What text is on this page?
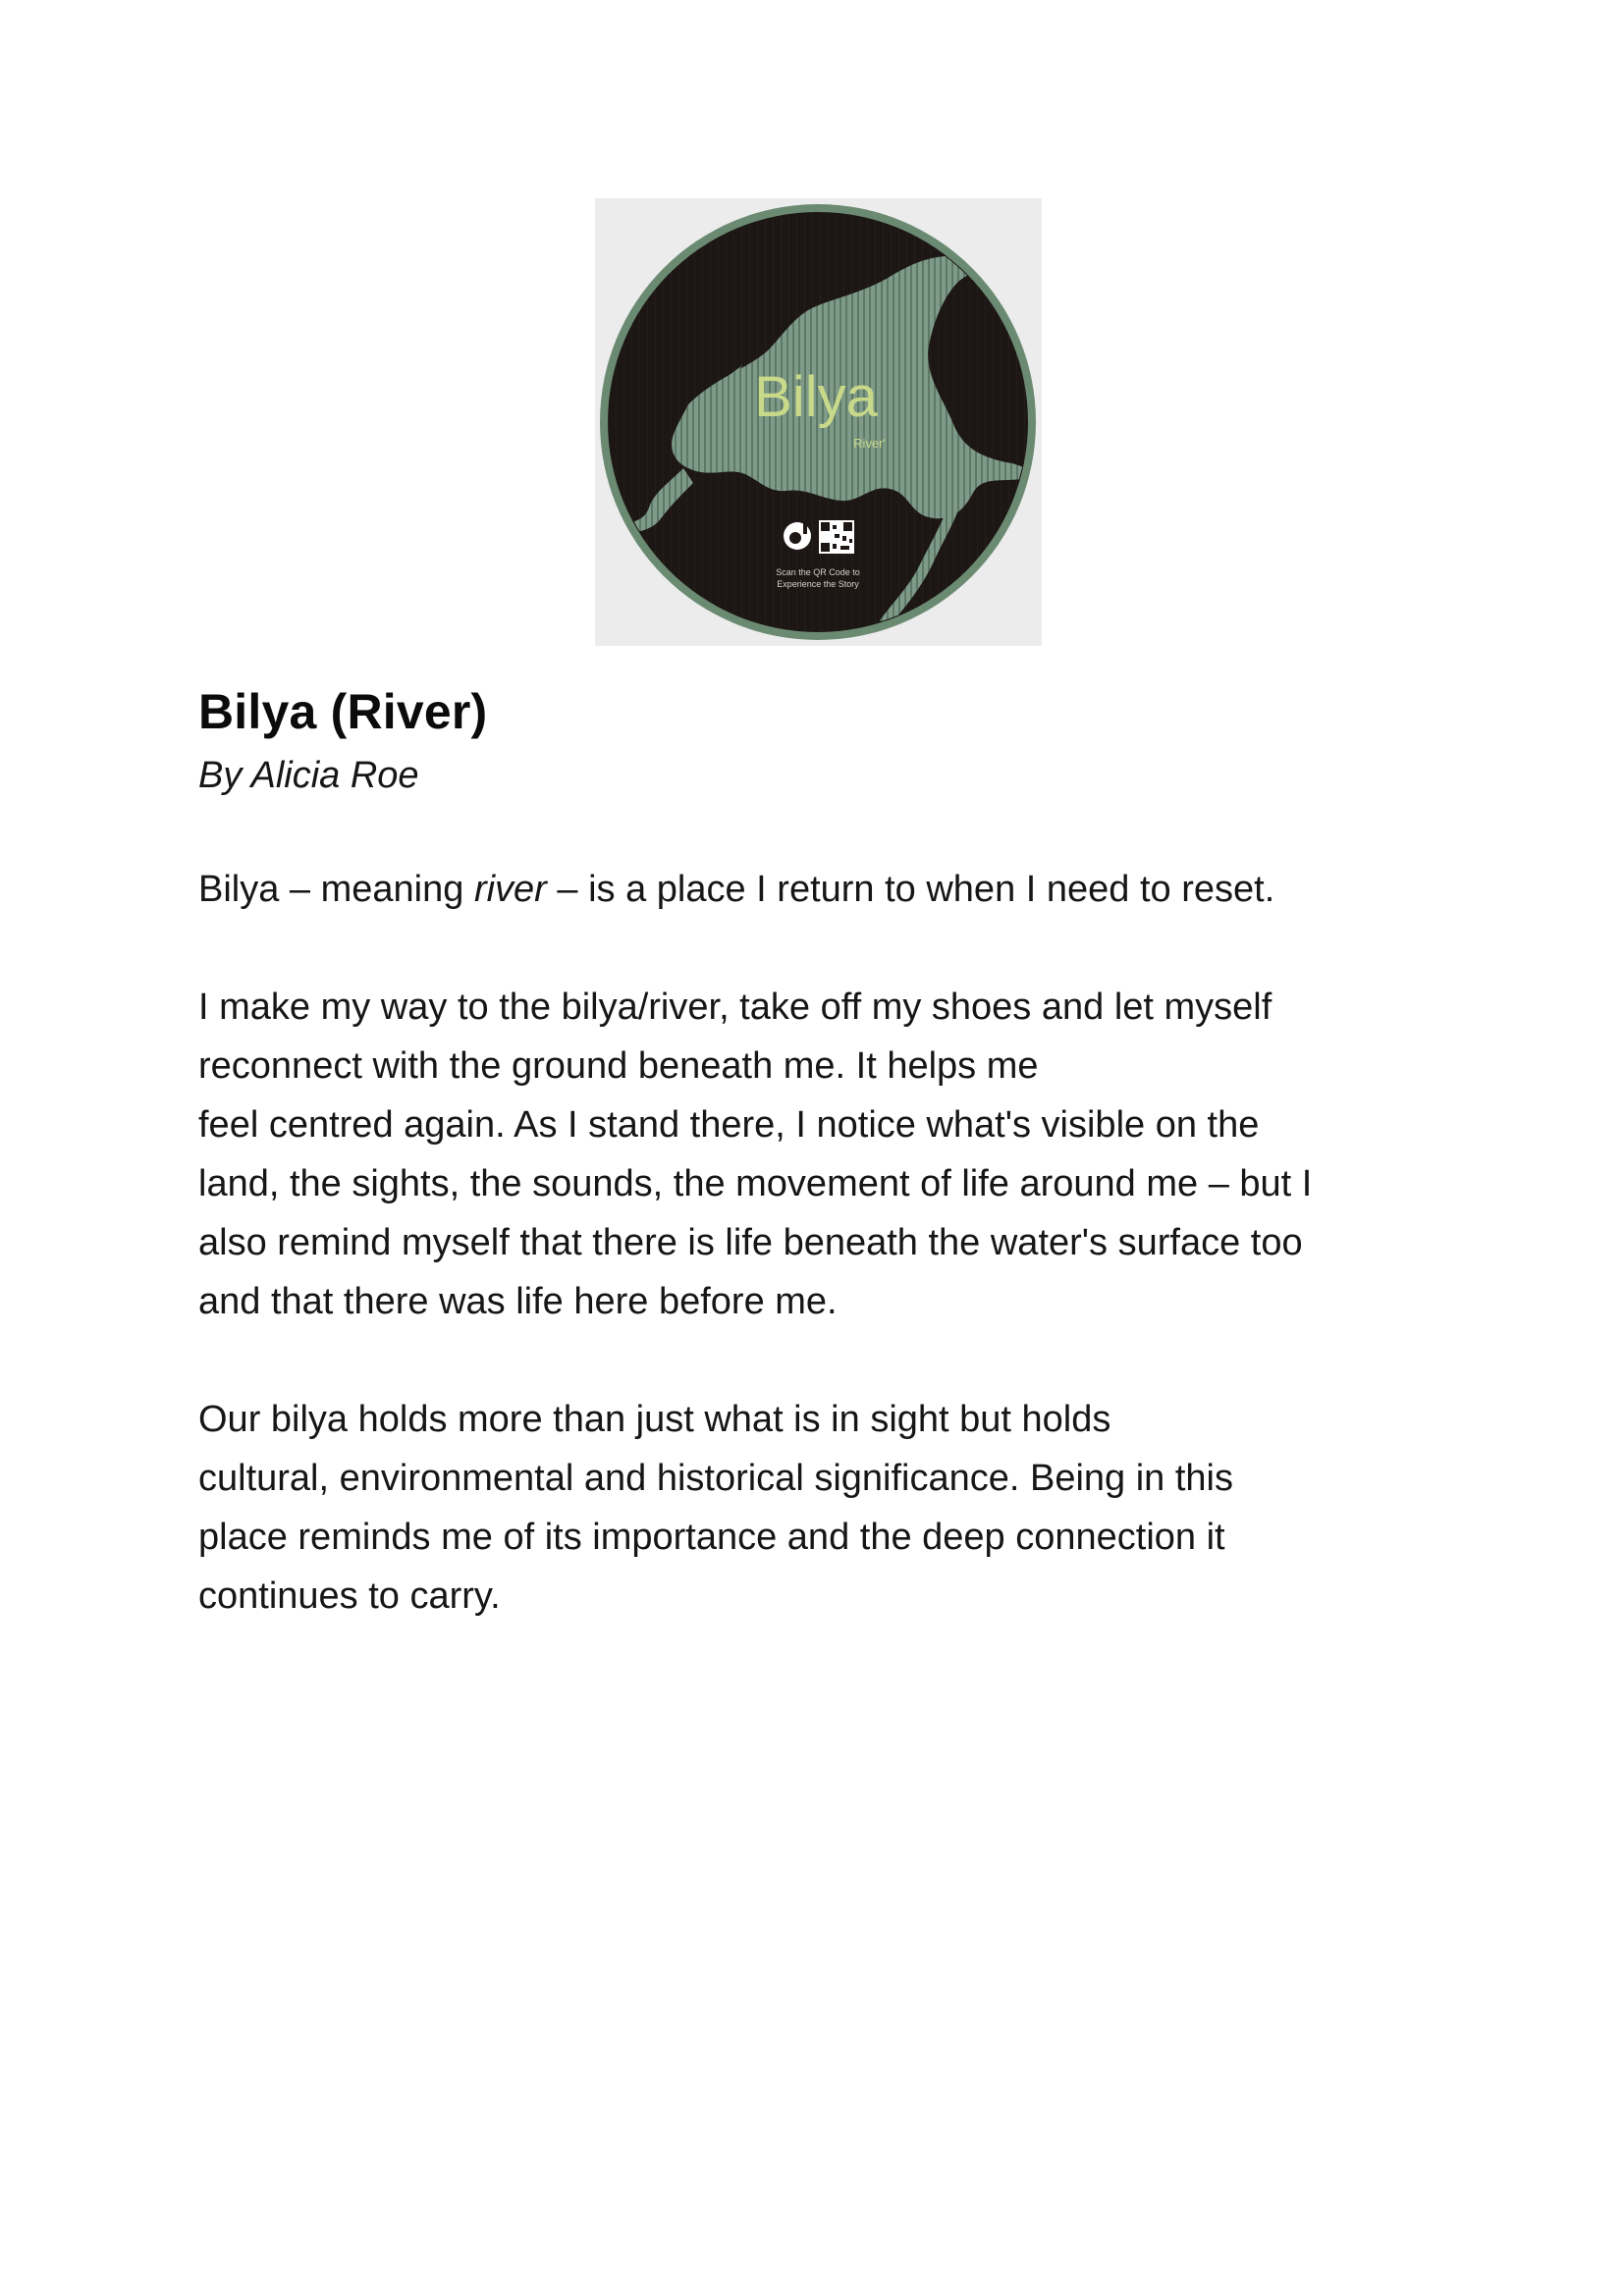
Bilya
River'
Scan the QR Code to
Experience the Story
Bilya (River)

By Alicia Roe

Bilya – meaning river – is a place I return to when I need to reset.

I make my way to the bilya/river, take off my shoes and let myself
reconnect with the ground beneath me. It helps me
feel centred again. As I stand there, I notice what's visible on the
land, the sights, the sounds, the movement of life around me – but I
also remind myself that there is life beneath the water's surface too
and that there was life here before me.

Our bilya holds more than just what is in sight but holds
cultural, environmental and historical significance. Being in this
place reminds me of its importance and the deep connection it
continues to carry.
